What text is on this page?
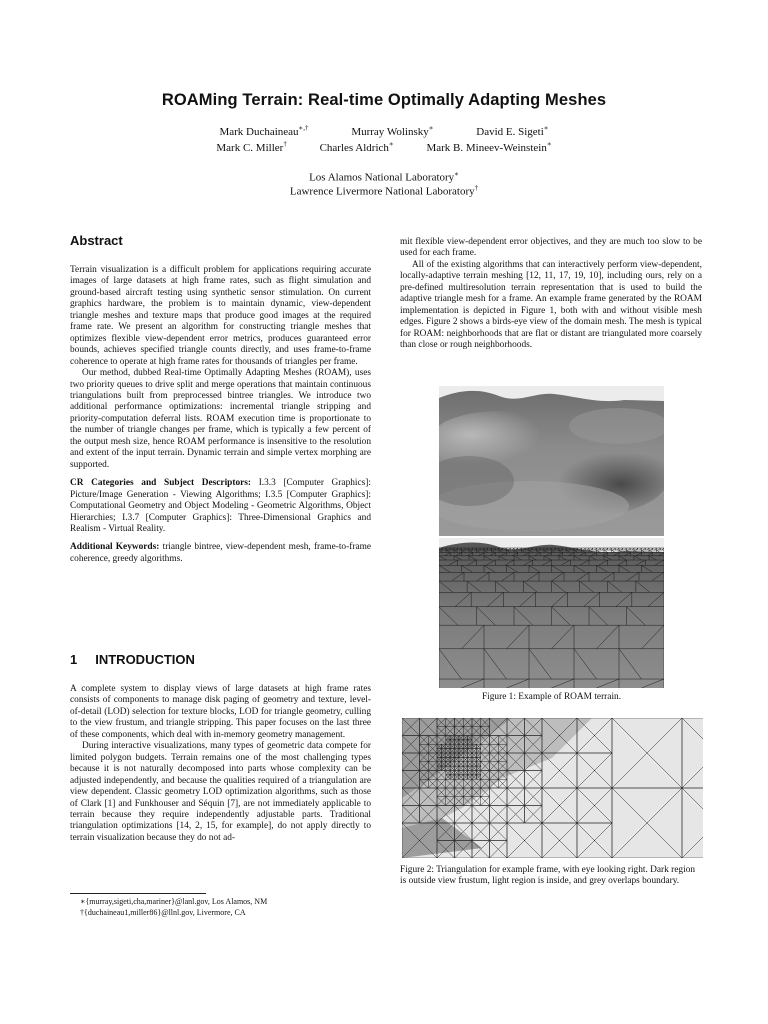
ROAMing Terrain: Real-time Optimally Adapting Meshes
Mark Duchaineau∗,†	Murray Wolinsky∗	David E. Sigeti∗
Mark C. Miller†	Charles Aldrich∗	Mark B. Mineev-Weinstein∗
Los Alamos National Laboratory∗
Lawrence Livermore National Laboratory†
Abstract

Terrain visualization is a difficult problem for applications requiring accurate images of large datasets at high frame rates, such as flight simulation and ground-based aircraft testing using synthetic sensor stimulation. On current graphics hardware, the problem is to maintain dynamic, view-dependent triangle meshes and texture maps that produce good images at the required frame rate. We present an algorithm for constructing triangle meshes that optimizes flexible view-dependent error metrics, produces guaranteed error bounds, achieves specified triangle counts directly, and uses frame-to-frame coherence to operate at high frame rates for thousands of triangles per frame.

Our method, dubbed Real-time Optimally Adapting Meshes (ROAM), uses two priority queues to drive split and merge operations that maintain continuous triangulations built from preprocessed bintree triangles. We introduce two additional performance optimizations: incremental triangle stripping and priority-computation deferral lists. ROAM execution time is proportionate to the number of triangle changes per frame, which is typically a few percent of the output mesh size, hence ROAM performance is insensitive to the resolution and extent of the input terrain. Dynamic terrain and simple vertex morphing are supported.

CR Categories and Subject Descriptors: I.3.3 [Computer Graphics]: Picture/Image Generation - Viewing Algorithms; I.3.5 [Computer Graphics]: Computational Geometry and Object Modeling - Geometric Algorithms, Object Hierarchies; I.3.7 [Computer Graphics]: Three-Dimensional Graphics and Realism - Virtual Reality.

Additional Keywords: triangle bintree, view-dependent mesh, frame-to-frame coherence, greedy algorithms.

1 INTRODUCTION

A complete system to display views of large datasets at high frame rates consists of components to manage disk paging of geometry and texture, level-of-detail (LOD) selection for texture blocks, LOD for triangle geometry, culling to the view frustum, and triangle stripping. This paper focuses on the last three of these components, which deal with in-memory geometry management.

During interactive visualizations, many types of geometric data compete for limited polygon budgets. Terrain remains one of the most challenging types because it is not naturally decomposed into parts whose complexity can be adjusted independently, and because the qualities required of a triangulation are view dependent. Classic geometry LOD optimization algorithms, such as those of Clark [1] and Funkhouser and Séquin [7], are not immediately applicable to terrain because they require independently adjustable parts. Traditional triangulation optimizations [14, 2, 15, for example], do not apply directly to terrain visualization because they do not ad-

∗{murray,sigeti,cha,mariner}@lanl.gov, Los Alamos, NM
†{duchaineau1,miller86}@llnl.gov, Livermore, CA

mit flexible view-dependent error objectives, and they are much too slow to be used for each frame.

All of the existing algorithms that can interactively perform view-dependent, locally-adaptive terrain meshing [12, 11, 17, 19, 10], including ours, rely on a pre-defined multiresolution terrain representation that is used to build the adaptive triangle mesh for a frame. An example frame generated by the ROAM implementation is depicted in Figure 1, both with and without visible mesh edges. Figure 2 shows a birds-eye view of the domain mesh. The mesh is typical for ROAM: neighborhoods that are flat or distant are triangulated more coarsely than close or rough neighborhoods.

Figure 1: Example of ROAM terrain.
Figure 2: Triangulation for example frame, with eye looking right. Dark region is outside view frustum, light region is inside, and grey overlaps boundary.
